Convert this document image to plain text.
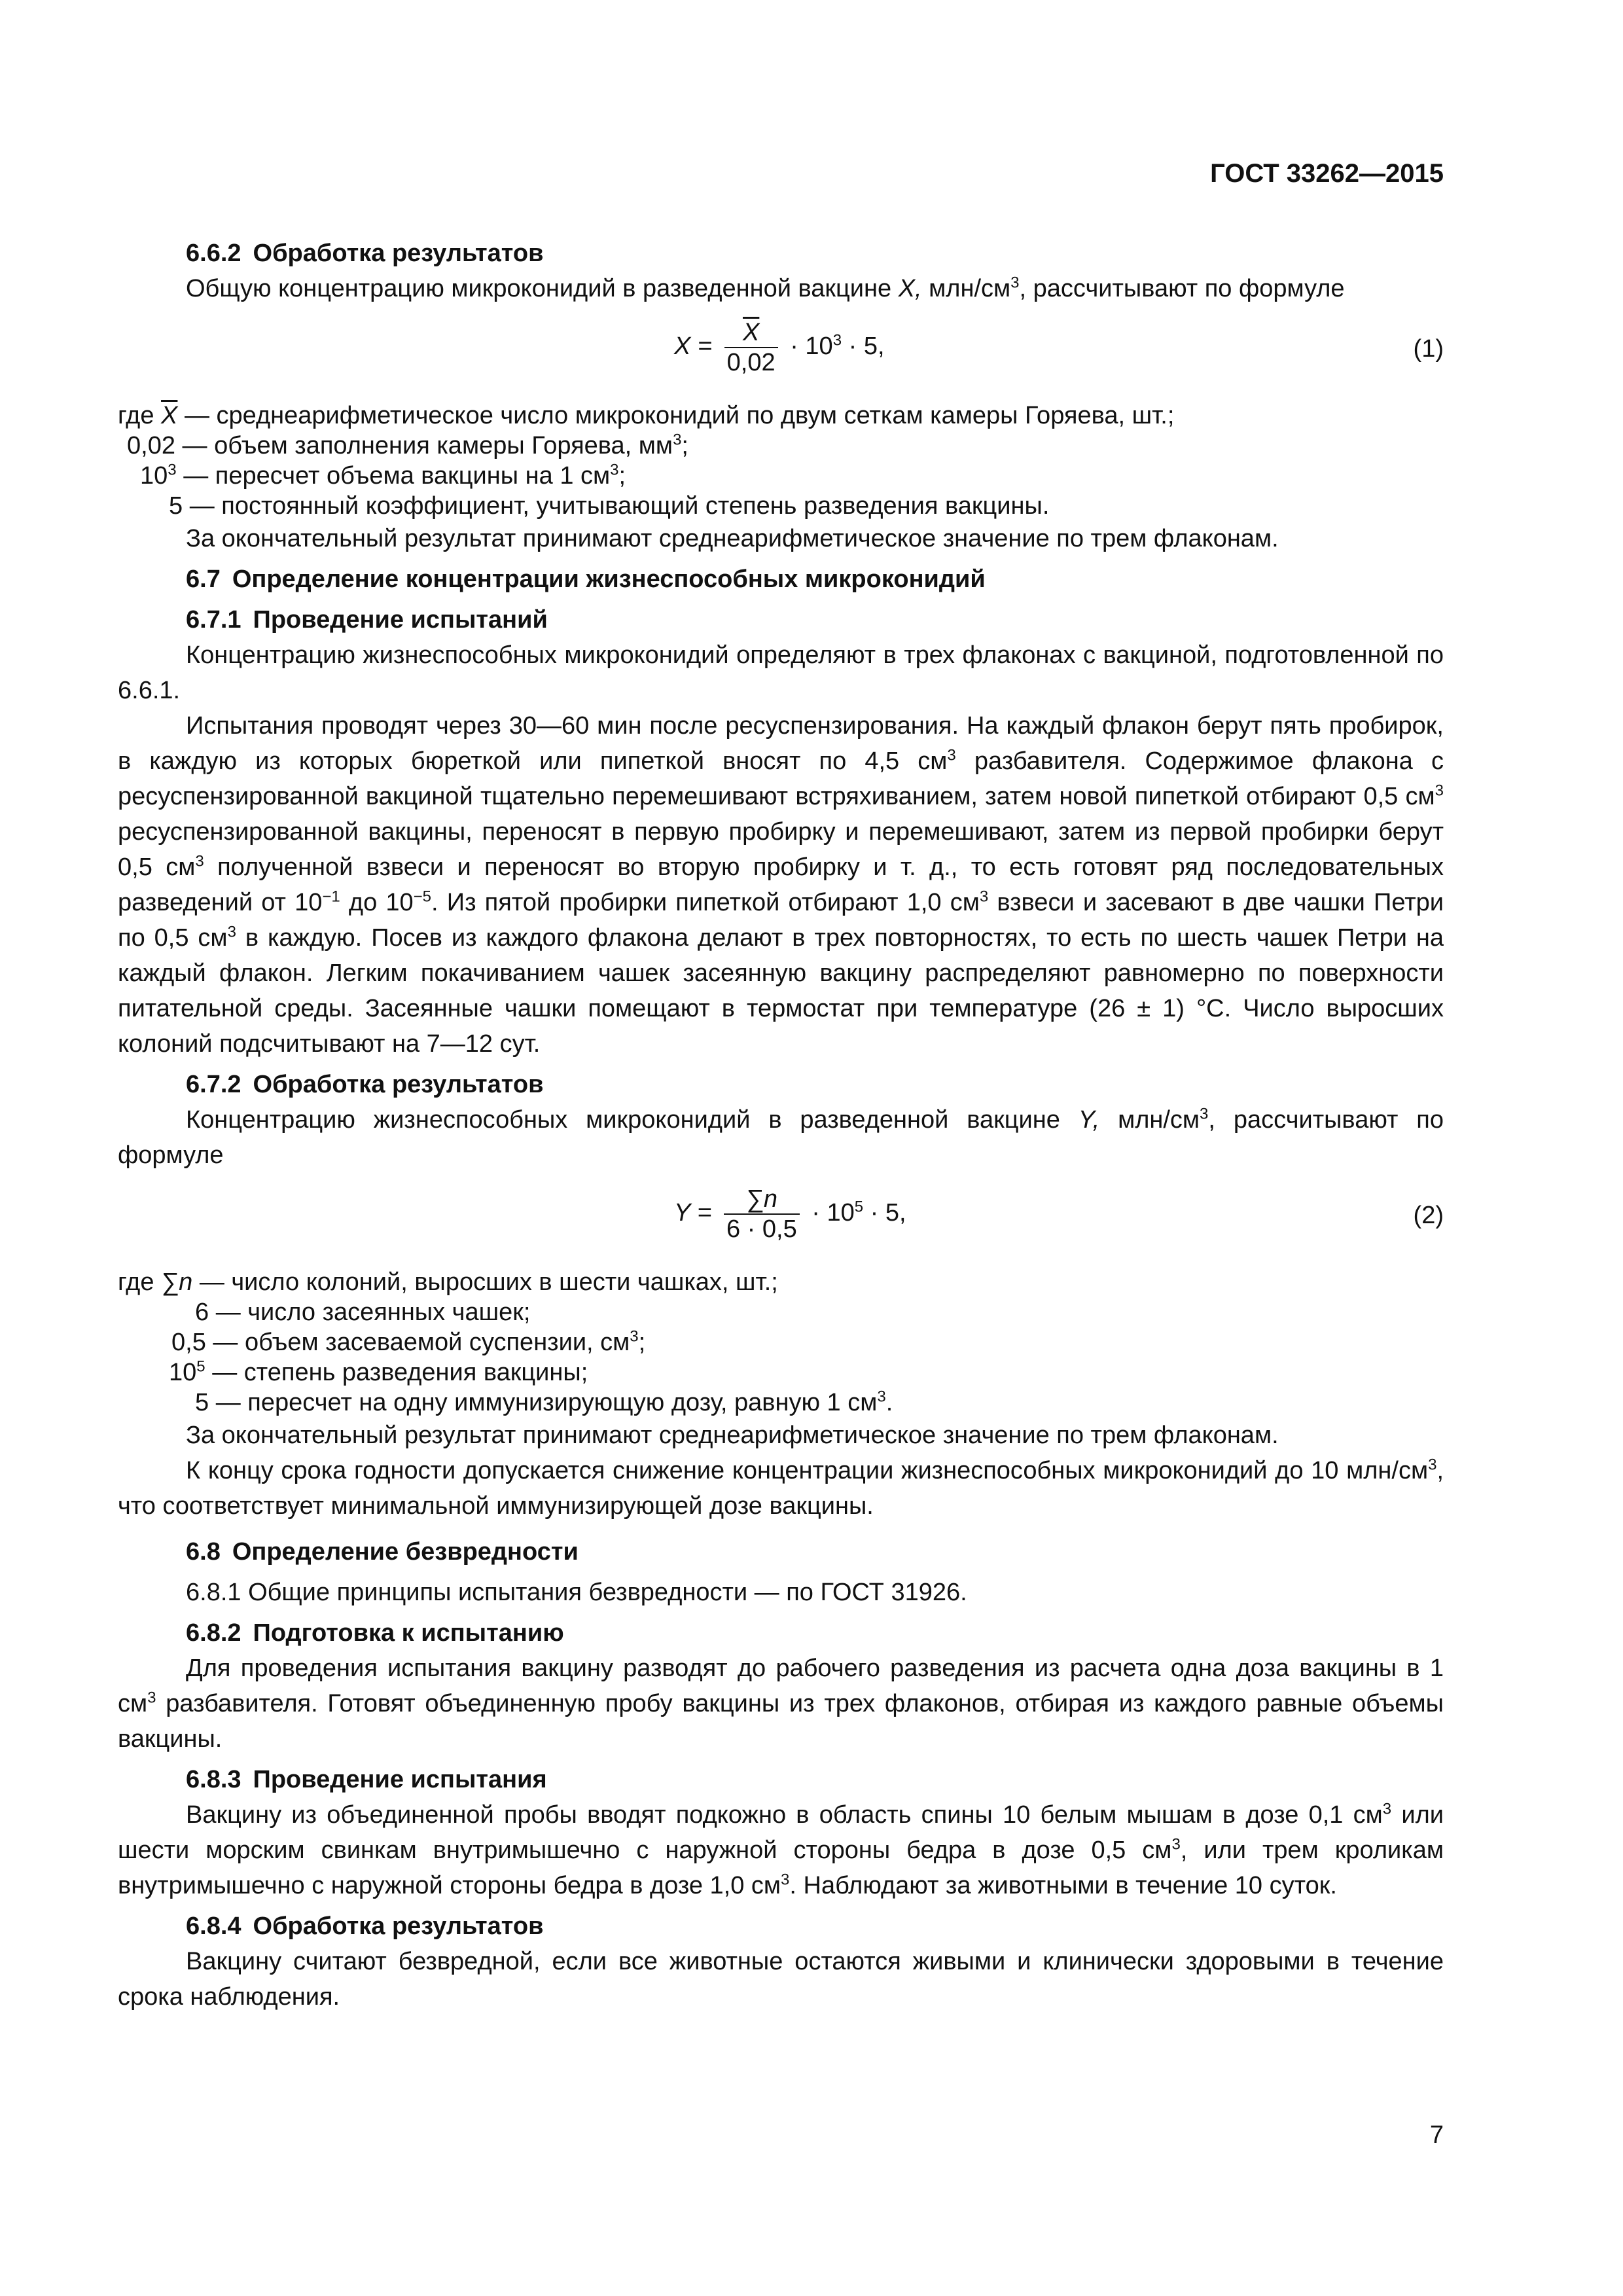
ГОСТ 33262—2015
6.6.2 Обработка результатов
Общую концентрацию микроконидий в разведенной вакцине X, млн/$см^3$, рассчитывают по формуле
$X = \frac{\overline{X}}{0,02} \cdot 10^3 \cdot 5$,	(1)
где $\overline{X}$ — среднеарифметическое число микроконидий по двум сеткам камеры Горяева, шт.;
0,02 — объем заполнения камеры Горяева, $мм^3$;
$10^3$ — пересчет объема вакцины на 1 $см^3$;
5 — постоянный коэффициент, учитывающий степень разведения вакцины.
За окончательный результат принимают среднеарифметическое значение по трем флаконам.
6.7 Определение концентрации жизнеспособных микроконидий
6.7.1 Проведение испытаний
Концентрацию жизнеспособных микроконидий определяют в трех флаконах с вакциной, подготовленной по 6.6.1.
Испытания проводят через 30—60 мин после ресуспензирования. На каждый флакон берут пять пробирок, в каждую из которых бюреткой или пипеткой вносят по 4,5 $см^3$ разбавителя. Содержимое флакона с ресуспензированной вакциной тщательно перемешивают встряхиванием, затем новой пипеткой отбирают 0,5 $см^3$ ресуспензированной вакцины, переносят в первую пробирку и перемешивают, затем из первой пробирки берут 0,5 $см^3$ полученной взвеси и переносят во вторую пробирку и т. д., то есть готовят ряд последовательных разведений от $10^{-1}$ до $10^{-5}$. Из пятой пробирки пипеткой отбирают 1,0 $см^3$ взвеси и засевают в две чашки Петри по 0,5 $см^3$ в каждую. Посев из каждого флакона делают в трех повторностях, то есть по шесть чашек Петри на каждый флакон. Легким покачиванием чашек засеянную вакцину распределяют равномерно по поверхности питательной среды. Засеянные чашки помещают в термостат при температуре (26 ± 1) °С. Число выросших колоний подсчитывают на 7—12 сут.
6.7.2 Обработка результатов
Концентрацию жизнеспособных микроконидий в разведенной вакцине Y, млн/$см^3$, рассчитывают по формуле
$Y = \frac{\sum n}{6 \cdot 0,5} \cdot 10^5 \cdot 5$,	(2)
где ∑n — число колоний, выросших в шести чашках, шт.;
6 — число засеянных чашек;
0,5 — объем засеваемой суспензии, $см^3$;
$10^5$ — степень разведения вакцины;
5 — пересчет на одну иммунизирующую дозу, равную 1 $см^3$.
За окончательный результат принимают среднеарифметическое значение по трем флаконам.
К концу срока годности допускается снижение концентрации жизнеспособных микроконидий до 10 млн/$см^3$, что соответствует минимальной иммунизирующей дозе вакцины.
6.8 Определение безвредности
6.8.1 Общие принципы испытания безвредности — по ГОСТ 31926.
6.8.2 Подготовка к испытанию
Для проведения испытания вакцину разводят до рабочего разведения из расчета одна доза вакцины в 1 $см^3$ разбавителя. Готовят объединенную пробу вакцины из трех флаконов, отбирая из каждого равные объемы вакцины.
6.8.3 Проведение испытания
Вакцину из объединенной пробы вводят подкожно в область спины 10 белым мышам в дозе 0,1 $см^3$ или шести морским свинкам внутримышечно с наружной стороны бедра в дозе 0,5 $см^3$, или трем кроликам внутримышечно с наружной стороны бедра в дозе 1,0 $см^3$. Наблюдают за животными в течение 10 суток.
6.8.4 Обработка результатов
Вакцину считают безвредной, если все животные остаются живыми и клинически здоровыми в течение срока наблюдения.
7
